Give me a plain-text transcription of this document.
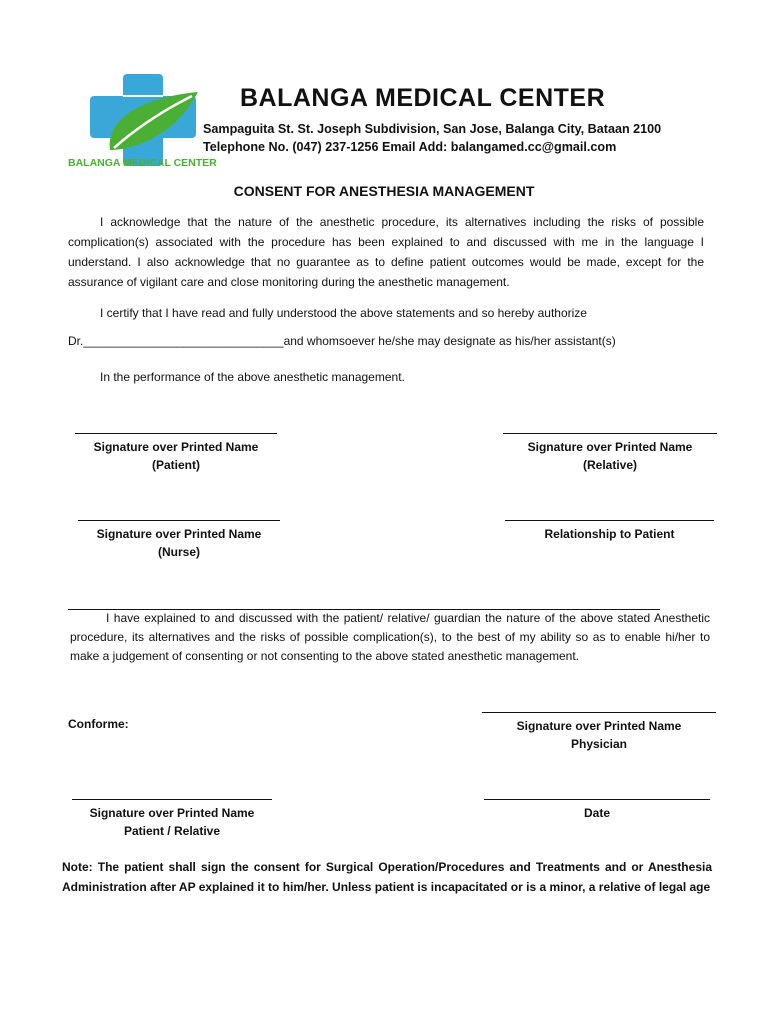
BALANGA MEDICAL CENTER
BALANGA MEDICAL CENTER
Sampaguita St. St. Joseph Subdivision, San Jose, Balanga City, Bataan 2100
Telephone No. (047) 237-1256 Email Add: balangamed.cc@gmail.com
CONSENT FOR ANESTHESIA MANAGEMENT

I acknowledge that the nature of the anesthetic procedure, its alternatives including the risks of possible complication(s) associated with the procedure has been explained to and discussed with me in the language I understand. I also acknowledge that no guarantee as to define patient outcomes would be made, except for the assurance of vigilant care and close monitoring during the anesthetic management.

I certify that I have read and fully understood the above statements and so hereby authorize

Dr.______________________________and whomsoever he/she may designate as his/her assistant(s)
In the performance of the above anesthetic management.
Signature over Printed Name
(Patient)
Signature over Printed Name
(Relative)
Signature over Printed Name
(Nurse)
Relationship to Patient

I have explained to and discussed with the patient/ relative/ guardian the nature of the above stated Anesthetic procedure, its alternatives and the risks of possible complication(s), to the best of my ability so as to enable hi/her to make a judgement of consenting or not consenting to the above stated anesthetic management.

Conforme:	Signature over Printed Name
Physician
Signature over Printed Name
Patient / Relative
Date
Note: The patient shall sign the consent for Surgical Operation/Procedures and Treatments and or Anesthesia Administration after AP explained it to him/her. Unless patient is incapacitated or is a minor, a relative of legal age
